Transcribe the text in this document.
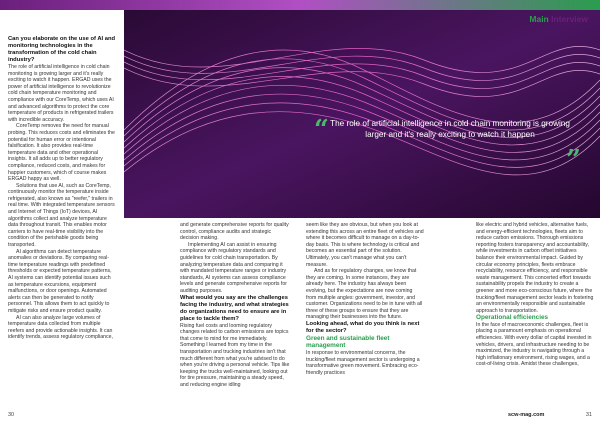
Main Interview
“ The role of artificial intelligence in cold chain monitoring is growing larger and it's really exciting to watch it happen
”

Can you elaborate on the use of AI and monitoring technologies in the transformation of the cold chain industry?

The role of artificial intelligence in cold chain monitoring is growing larger and it's really exciting to watch it happen. ERGAD uses the power of artificial intelligence to revolutionize cold chain temperature monitoring and compliance with our CoreTemp, which uses AI and advanced algorithms to protect the core temperature of products in refrigerated trailers with incredible accuracy.

CoreTemp removes the need for manual probing. This reduces costs and eliminates the potential for human error or intentional falsification. It also provides real-time temperature data and other operational insights. It all adds up to better regulatory compliance, reduced costs, and makes for happier customers, which of course makes ERGAD happy as well.

Solutions that use AI, such as CoreTemp, continuously monitor the temperature inside refrigerated, also known as "reefer," trailers in real time. With integrated temperature sensors and Internet of Things (IoT) devices, AI algorithms collect and analyze temperature data throughout transit. This enables motor carriers to have real-time visibility into the condition of the perishable goods being transported.

AI algorithms can detect temperature anomalies or deviations. By comparing real-time temperature readings with predefined thresholds or expected temperature patterns, AI systems can identify potential issues such as temperature excursions, equipment malfunctions, or door openings. Automated alerts can then be generated to notify personnel. This allows them to act quickly to mitigate risks and ensure product quality.

AI can also analyze large volumes of temperature data collected from multiple reefers and provide actionable insights. It can identify trends, assess regulatory compliance,

and generate comprehensive reports for quality control, compliance audits and strategic decision making.

Implementing AI can assist in ensuring compliance with regulatory standards and guidelines for cold chain transportation. By analyzing temperature data and comparing it with mandated temperature ranges or industry standards, AI systems can assess compliance levels and generate comprehensive reports for auditing purposes.

What would you say are the challenges facing the industry, and what strategies do organizations need to ensure are in place to tackle them?

Rising fuel costs and looming regulatory changes related to carbon emissions are topics that come to mind for me immediately. Something I learned from my time in the transportation and trucking industries isn't that much different from what you're advised to do when you're driving a personal vehicle. Tips like keeping the trucks well-maintained, looking out for tire pressure, maintaining a steady speed, and reducing engine idling

seem like they are obvious, but when you look at extending this across an entire fleet of vehicles and where it becomes difficult to manage on a day-to-day basis. This is where technology is critical and becomes an essential part of the solution. Ultimately, you can't manage what you can't measure.

And as for regulatory changes, we know that they are coming. In some instances, they are already here. The industry has always been evolving, but the expectations are now coming from multiple angles: government, investor, and customer. Organizations need to be in tune with all three of these groups to ensure that they are managing their businesses into the future.

Looking ahead, what do you think is next for the sector?

Green and sustainable fleet management

In response to environmental concerns, the trucking/fleet management sector is undergoing a transformative green movement. Embracing eco-friendly practices

like electric and hybrid vehicles, alternative fuels, and energy-efficient technologies, fleets aim to reduce carbon emissions. Thorough emissions reporting fosters transparency and accountability, while investments in carbon offset initiatives balance their environmental impact. Guided by circular economy principles, fleets embrace recyclability, resource efficiency, and responsible waste management. This concerted effort towards sustainability propels the industry to create a greener and more eco-conscious future, where the trucking/fleet management sector leads in fostering an environmentally responsible and sustainable approach to transportation.

Operational efficiencies

In the face of macroeconomic challenges, fleet is placing a paramount emphasis on operational efficiencies. With every dollar of capital invested in vehicles, drivers, and infrastructure needing to be maximized, the industry is navigating through a high inflationary environment, rising wages, and a cost-of-living crisis. Amidst these challenges,

30	scw-mag.com	31
